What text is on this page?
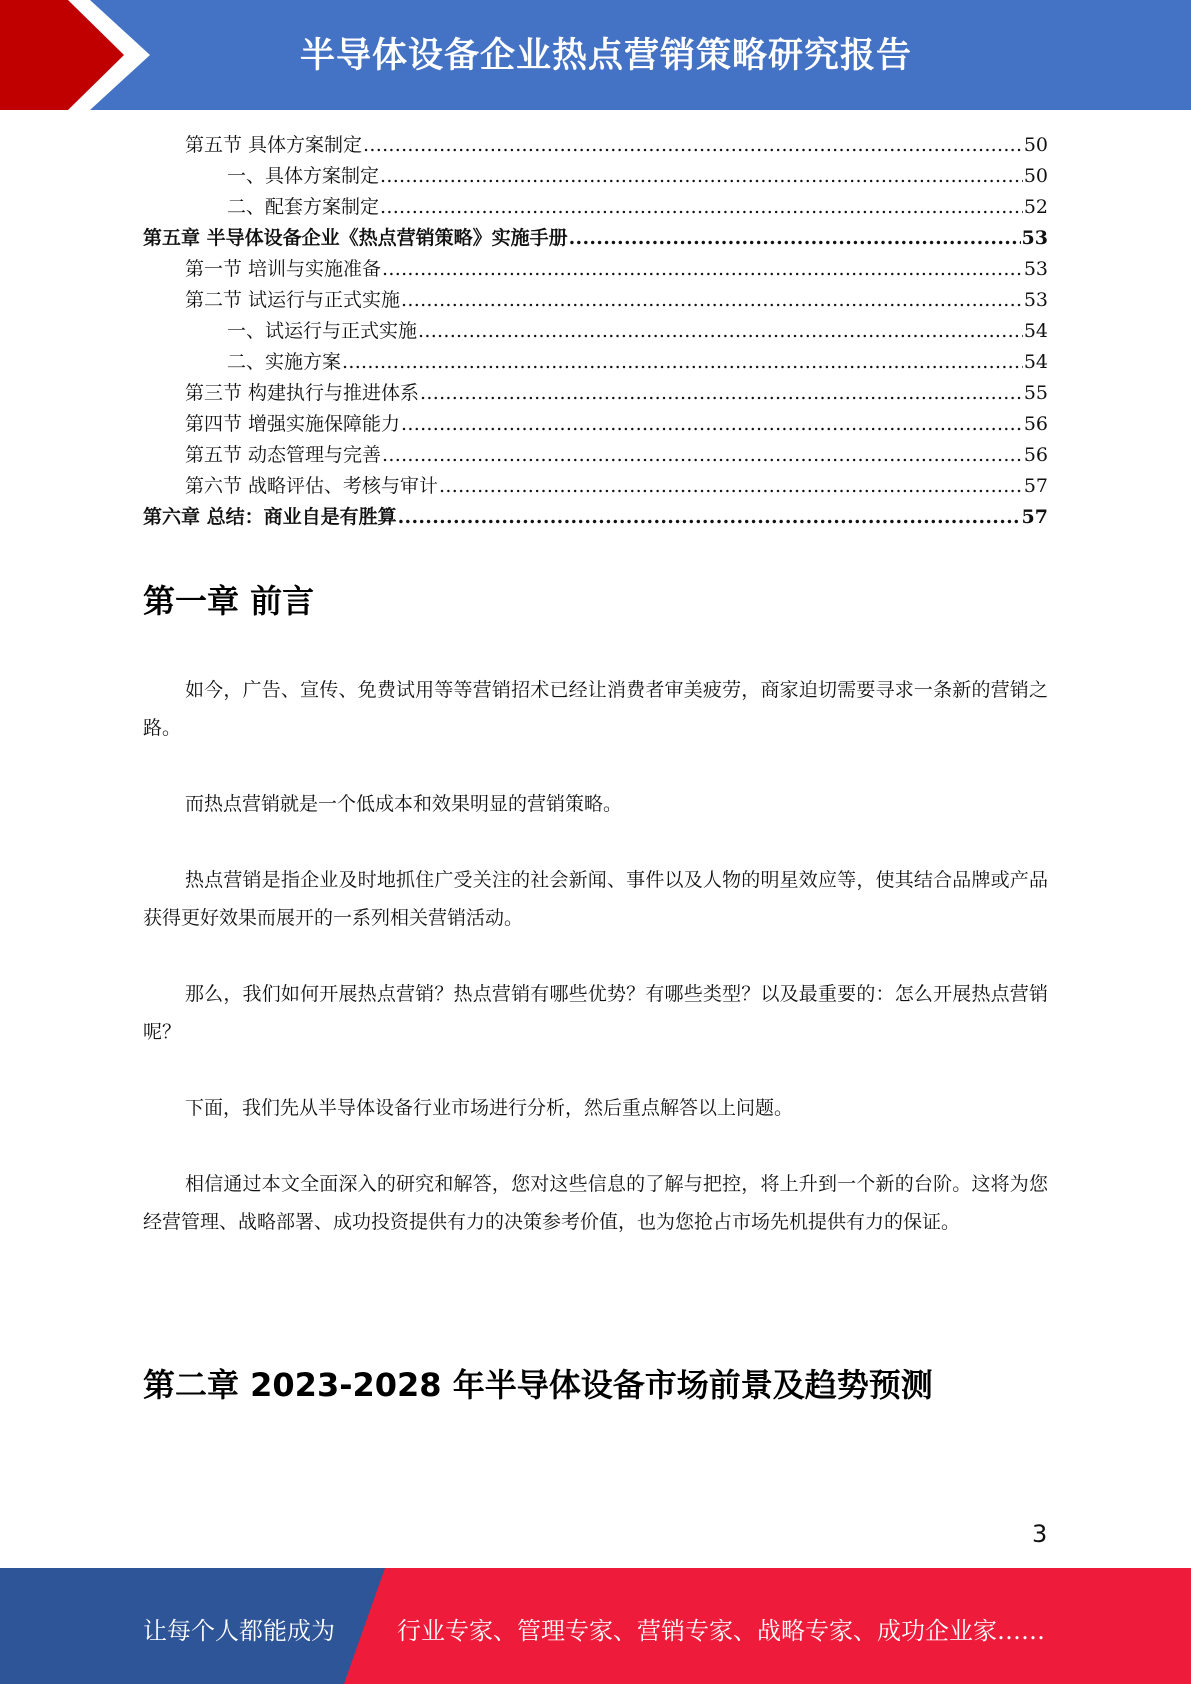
半导体设备企业热点营销策略研究报告
第五节 具体方案制定 .....	50
一、具体方案制定 .....	50
二、配套方案制定 .....	52
第五章 半导体设备企业《热点营销策略》实施手册 .....	53
第一节 培训与实施准备 .....	53
第二节 试运行与正式实施 .....	53
一、试运行与正式实施 .....	54
二、实施方案 .....	54
第三节 构建执行与推进体系 .....	55
第四节 增强实施保障能力 .....	56
第五节 动态管理与完善 .....	56
第六节 战略评估、考核与审计 .....	57
第六章 总结：商业自是有胜算 .....	57
第一章 前言

如今，广告、宣传、免费试用等等营销招术已经让消费者审美疲劳，商家迫切需要寻求一条新的营销之路。

而热点营销就是一个低成本和效果明显的营销策略。

热点营销是指企业及时地抓住广受关注的社会新闻、事件以及人物的明星效应等，使其结合品牌或产品获得更好效果而展开的一系列相关营销活动。

那么，我们如何开展热点营销？热点营销有哪些优势？有哪些类型？以及最重要的：怎么开展热点营销呢？

下面，我们先从半导体设备行业市场进行分析，然后重点解答以上问题。

相信通过本文全面深入的研究和解答，您对这些信息的了解与把控，将上升到一个新的台阶。这将为您经营管理、战略部署、成功投资提供有力的决策参考价值，也为您抢占市场先机提供有力的保证。

第二章 2023-2028 年半导体设备市场前景及趋势预测
3
让每个人都能成为	行业专家、管理专家、营销专家、战略专家、成功企业家……
